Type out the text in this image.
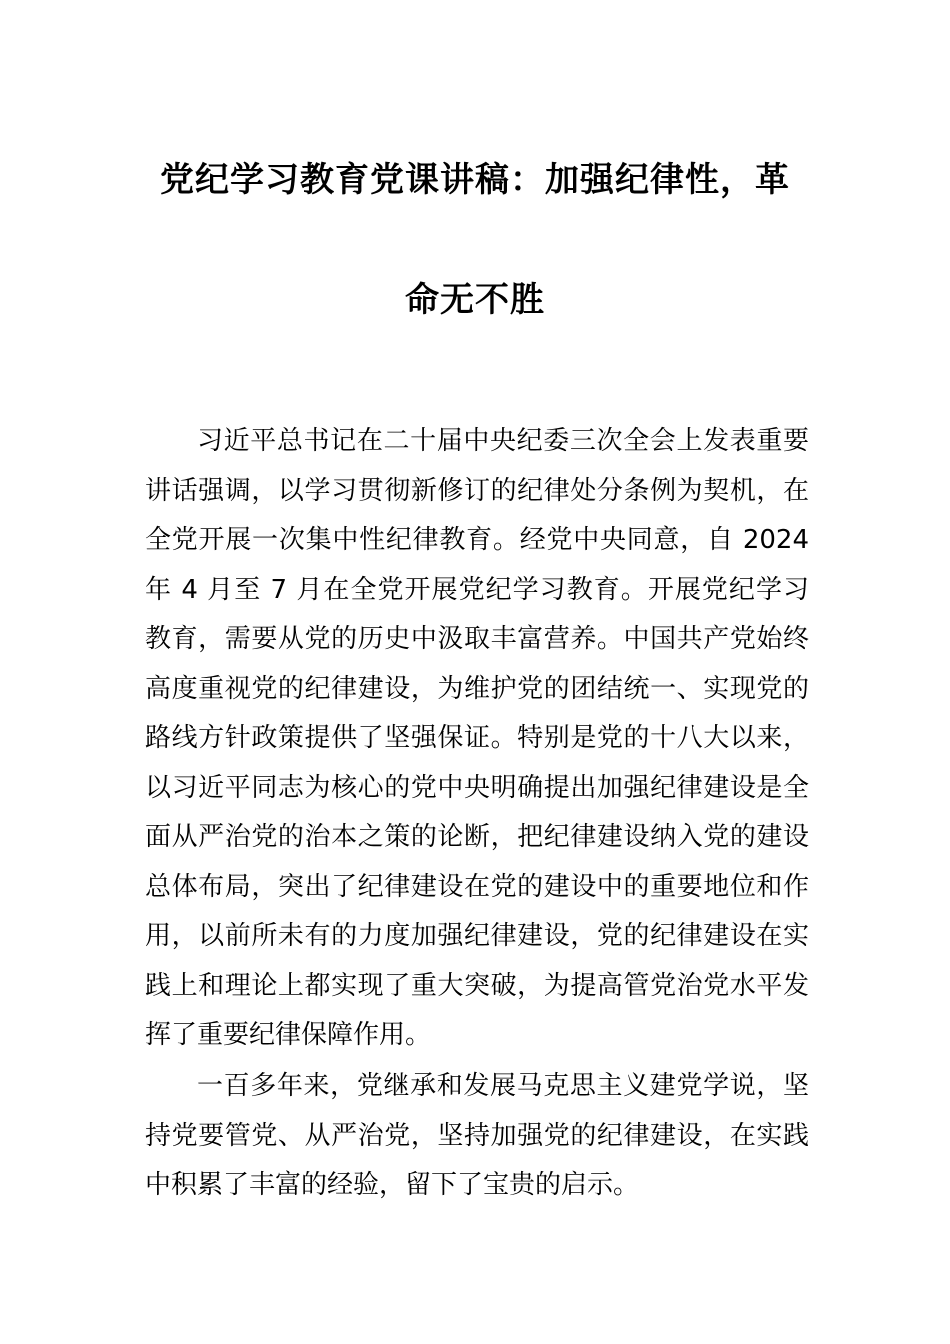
党纪学习教育党课讲稿：加强纪律性，革
命无不胜

习近平总书记在二十届中央纪委三次全会上发表重要讲话强调，以学习贯彻新修订的纪律处分条例为契机，在全党开展一次集中性纪律教育。经党中央同意，自 2024 年 4 月至 7 月在全党开展党纪学习教育。开展党纪学习教育，需要从党的历史中汲取丰富营养。中国共产党始终高度重视党的纪律建设，为维护党的团结统一、实现党的路线方针政策提供了坚强保证。特别是党的十八大以来，以习近平同志为核心的党中央明确提出加强纪律建设是全面从严治党的治本之策的论断，把纪律建设纳入党的建设总体布局，突出了纪律建设在党的建设中的重要地位和作用，以前所未有的力度加强纪律建设，党的纪律建设在实践上和理论上都实现了重大突破，为提高管党治党水平发挥了重要纪律保障作用。

一百多年来，党继承和发展马克思主义建党学说，坚持党要管党、从严治党，坚持加强党的纪律建设，在实践中积累了丰富的经验，留下了宝贵的启示。
